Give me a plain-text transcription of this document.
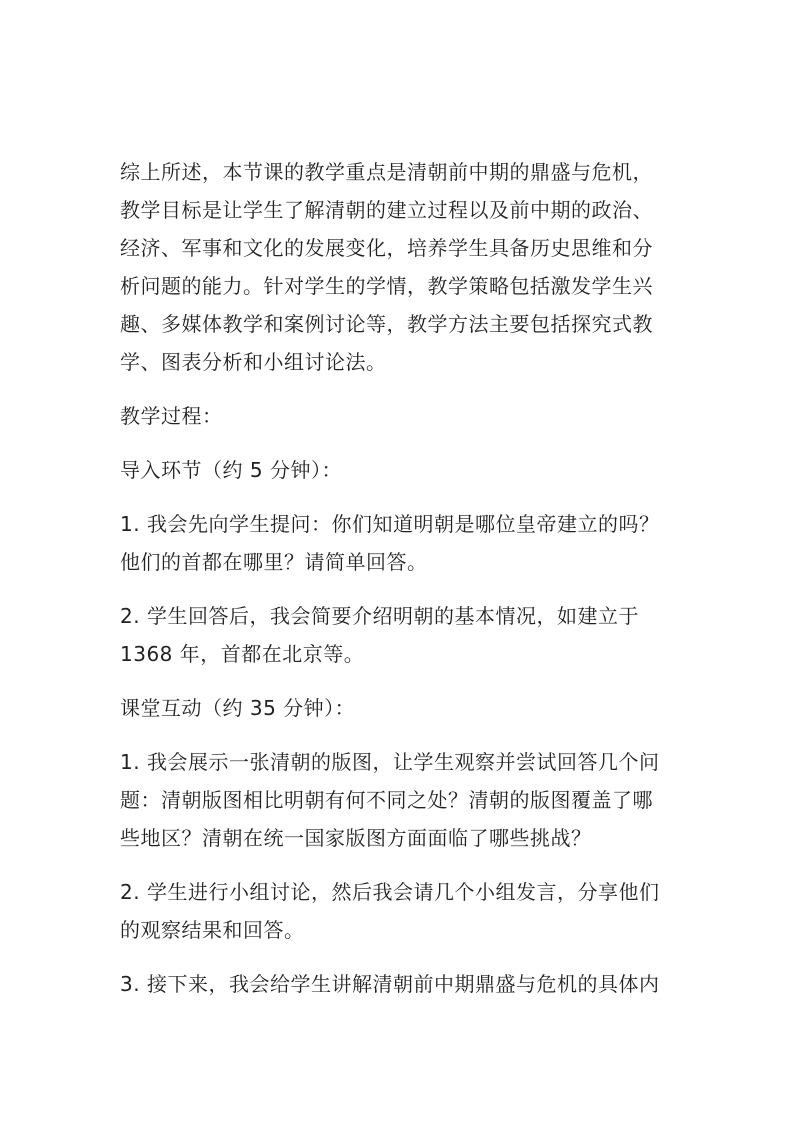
综上所述，本节课的教学重点是清朝前中期的鼎盛与危机，
教学目标是让学生了解清朝的建立过程以及前中期的政治、
经济、军事和文化的发展变化，培养学生具备历史思维和分
析问题的能力。针对学生的学情，教学策略包括激发学生兴
趣、多媒体教学和案例讨论等，教学方法主要包括探究式教
学、图表分析和小组讨论法。
教学过程：
导入环节（约 5 分钟）：
1. 我会先向学生提问：你们知道明朝是哪位皇帝建立的吗？
他们的首都在哪里？请简单回答。
2. 学生回答后，我会简要介绍明朝的基本情况，如建立于
1368 年，首都在北京等。
课堂互动（约 35 分钟）：
1. 我会展示一张清朝的版图，让学生观察并尝试回答几个问
题：清朝版图相比明朝有何不同之处？清朝的版图覆盖了哪
些地区？清朝在统一国家版图方面面临了哪些挑战？
2. 学生进行小组讨论，然后我会请几个小组发言，分享他们
的观察结果和回答。
3. 接下来，我会给学生讲解清朝前中期鼎盛与危机的具体内
